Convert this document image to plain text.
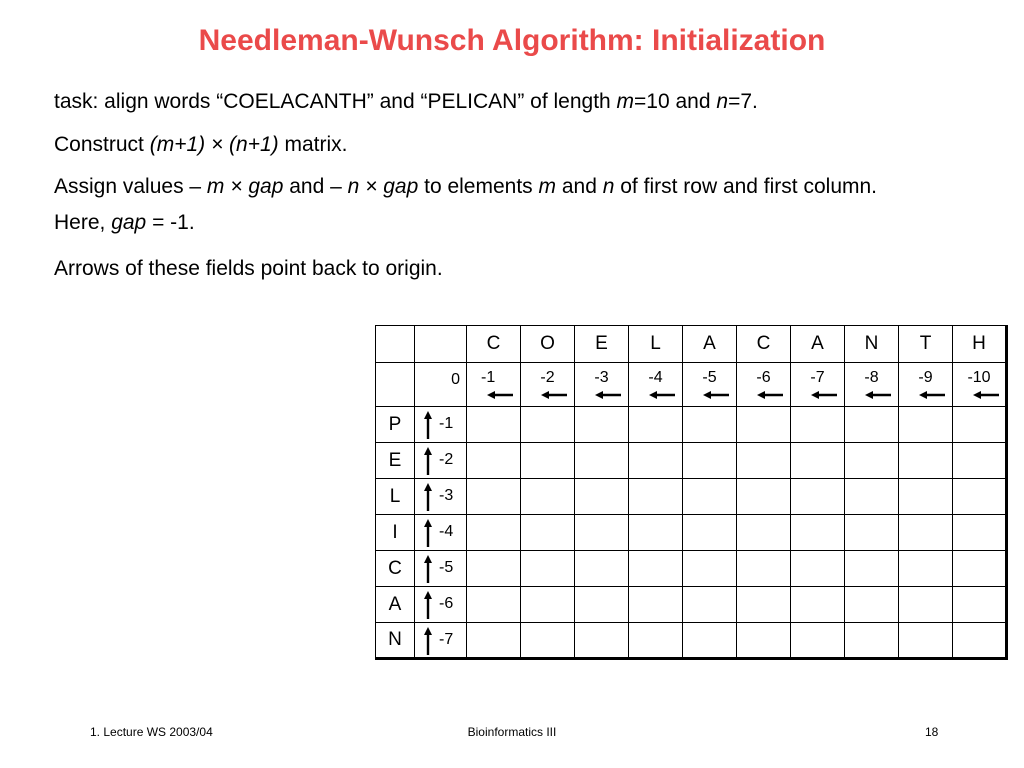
Needleman-Wunsch Algorithm: Initialization

task: align words “COELACANTH” and “PELICAN” of length m=10 and n=7.

Construct (m+1) × (n+1) matrix.

Assign values – m × gap and – n × gap to elements m and n of first row and first column. Here, gap = -1.

Arrows of these fields point back to origin.

		C	O	E	L	A	C	A	N	T	H

	0	-1	-2	-3	-4	-5	-6	-7	-8	-9	-10

P	-1										

E	-2										

L	-3										

I	-4										

C	-5										

A	-6										

N	-7										

1. Lecture WS 2003/04	Bioinformatics III	18
